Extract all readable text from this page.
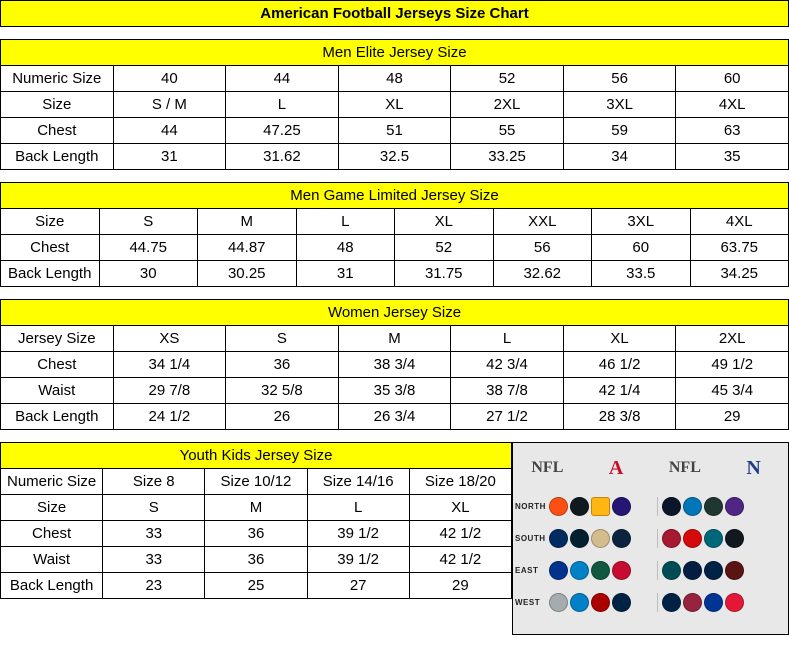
American Football Jerseys Size Chart
Men Elite Jersey Size						
Numeric Size	40	44	48	52	56	60
Size	S / M	L	XL	2XL	3XL	4XL
Chest	44	47.25	51	55	59	63
Back Length	31	31.62	32.5	33.25	34	35
Men Game Limited Jersey Size							
Size	S	M	L	XL	XXL	3XL	4XL
Chest	44.75	44.87	48	52	56	60	63.75
Back Length	30	30.25	31	31.75	32.62	33.5	34.25
Women Jersey Size						
Jersey Size	XS	S	M	L	XL	2XL
Chest	34 1/4	36	38 3/4	42 3/4	46 1/2	49 1/2
Waist	29 7/8	32 5/8	35 3/8	38 7/8	42 1/4	45 3/4
Back Length	24 1/2	26	26 3/4	27 1/2	28 3/8	29
Youth Kids Jersey Size				
Numeric Size	Size 8	Size 10/12	Size 14/16	Size 18/20
Size	S	M	L	XL
Chest	33	36	39 1/2	42 1/2
Waist	33	36	39 1/2	42 1/2
Back Length	23	25	27	29
NFL	A	NFL	N
NORTH
SOUTH
EAST
WEST
